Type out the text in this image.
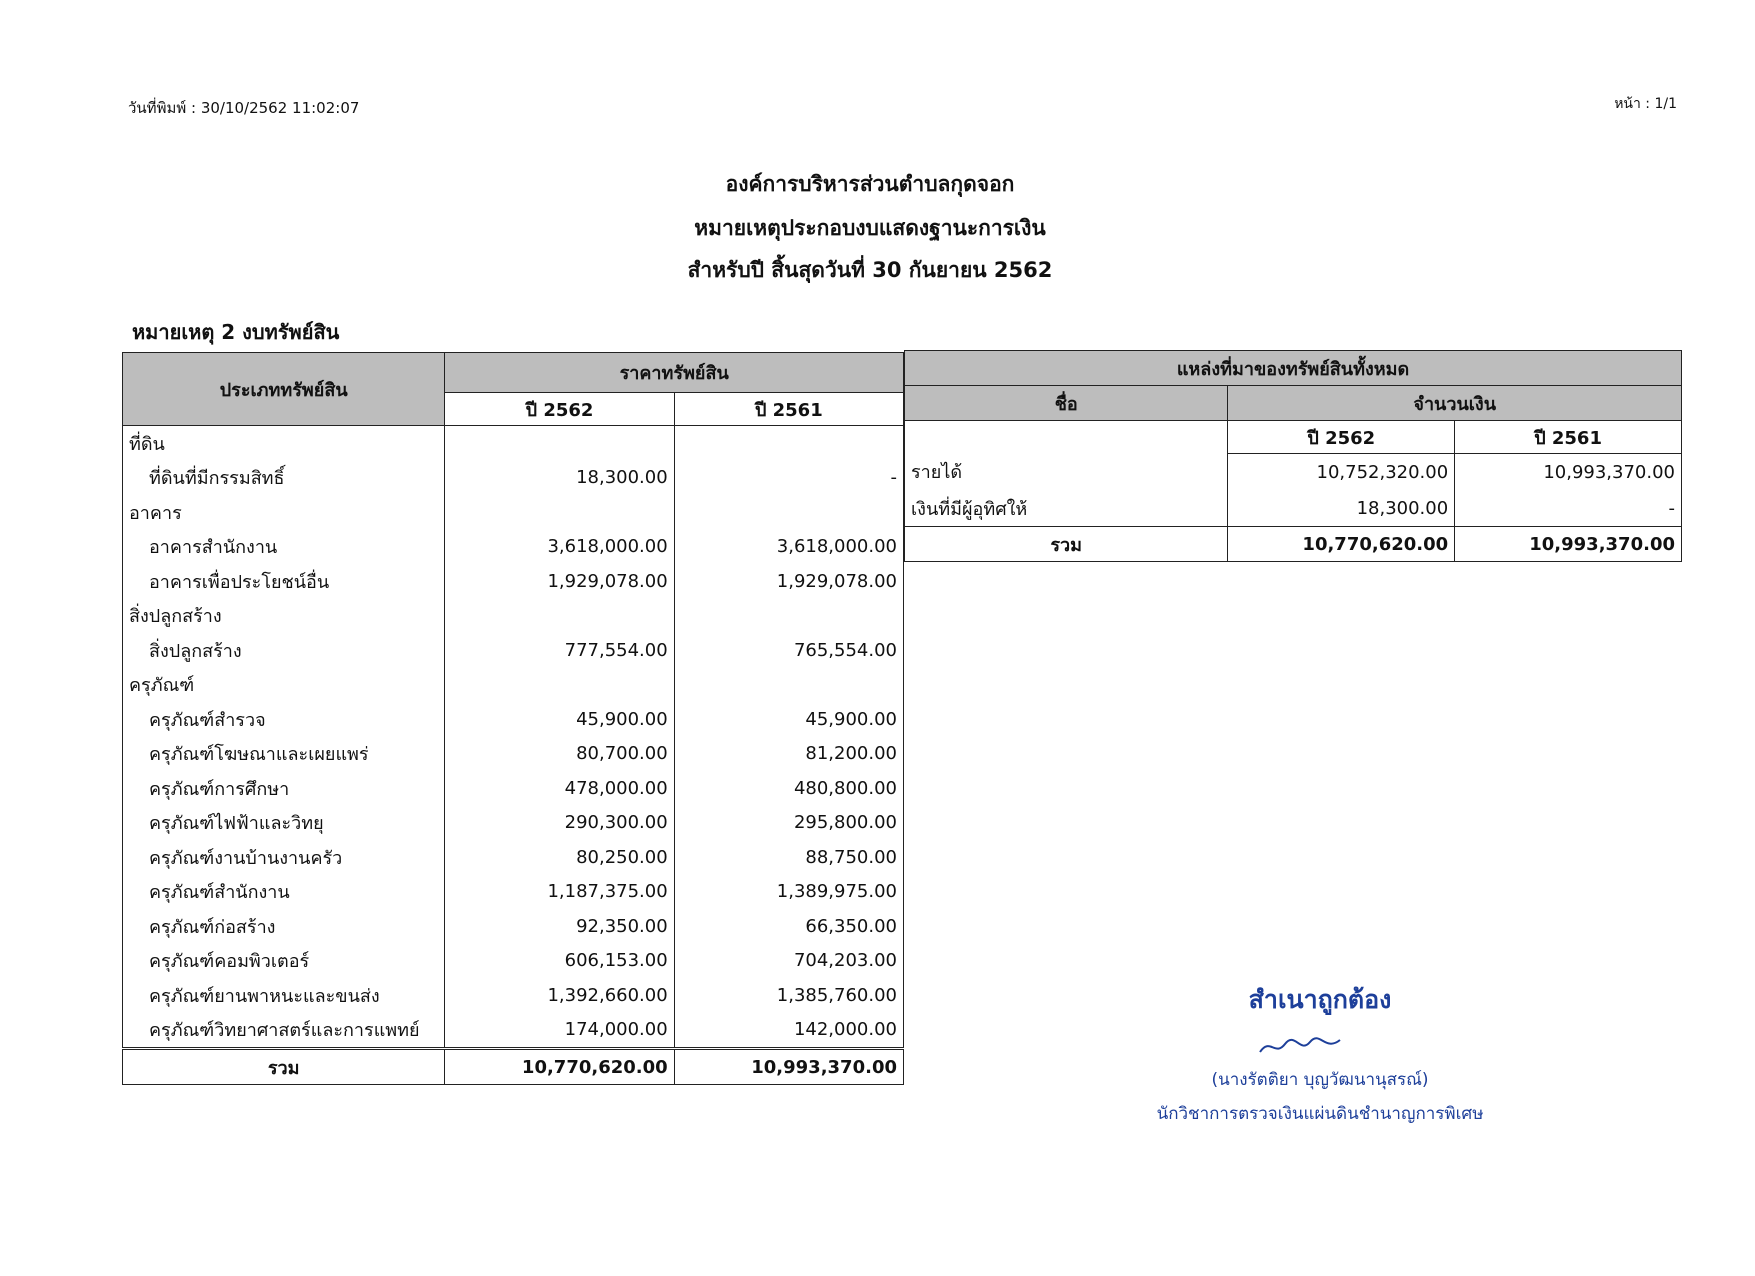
วันที่พิมพ์ : 30/10/2562 11:02:07	หน้า : 1/1
องค์การบริหารส่วนตำบลกุดจอก
หมายเหตุประกอบงบแสดงฐานะการเงิน
สำหรับปี สิ้นสุดวันที่ 30 กันยายน 2562
หมายเหตุ 2 งบทรัพย์สิน
ประเภททรัพย์สิน	ราคาทรัพย์สิน	
	ปี 2562	ปี 2561
ที่ดิน		
ที่ดินที่มีกรรมสิทธิ์	18,300.00	-
อาคาร		
อาคารสำนักงาน	3,618,000.00	3,618,000.00
อาคารเพื่อประโยชน์อื่น	1,929,078.00	1,929,078.00
สิ่งปลูกสร้าง		
สิ่งปลูกสร้าง	777,554.00	765,554.00
ครุภัณฑ์		
ครุภัณฑ์สำรวจ	45,900.00	45,900.00
ครุภัณฑ์โฆษณาและเผยแพร่	80,700.00	81,200.00
ครุภัณฑ์การศึกษา	478,000.00	480,800.00
ครุภัณฑ์ไฟฟ้าและวิทยุ	290,300.00	295,800.00
ครุภัณฑ์งานบ้านงานครัว	80,250.00	88,750.00
ครุภัณฑ์สำนักงาน	1,187,375.00	1,389,975.00
ครุภัณฑ์ก่อสร้าง	92,350.00	66,350.00
ครุภัณฑ์คอมพิวเตอร์	606,153.00	704,203.00
ครุภัณฑ์ยานพาหนะและขนส่ง	1,392,660.00	1,385,760.00
ครุภัณฑ์วิทยาศาสตร์และการแพทย์	174,000.00	142,000.00
รวม	10,770,620.00	10,993,370.00
แหล่งที่มาของทรัพย์สินทั้งหมด		
ชื่อ	จำนวนเงิน	
	ปี 2562	ปี 2561
รายได้	10,752,320.00	10,993,370.00
เงินที่มีผู้อุทิศให้	18,300.00	-
รวม	10,770,620.00	10,993,370.00
สำเนาถูกต้อง
(นางรัตติยา บุญวัฒนานุสรณ์)
นักวิชาการตรวจเงินแผ่นดินชำนาญการพิเศษ
